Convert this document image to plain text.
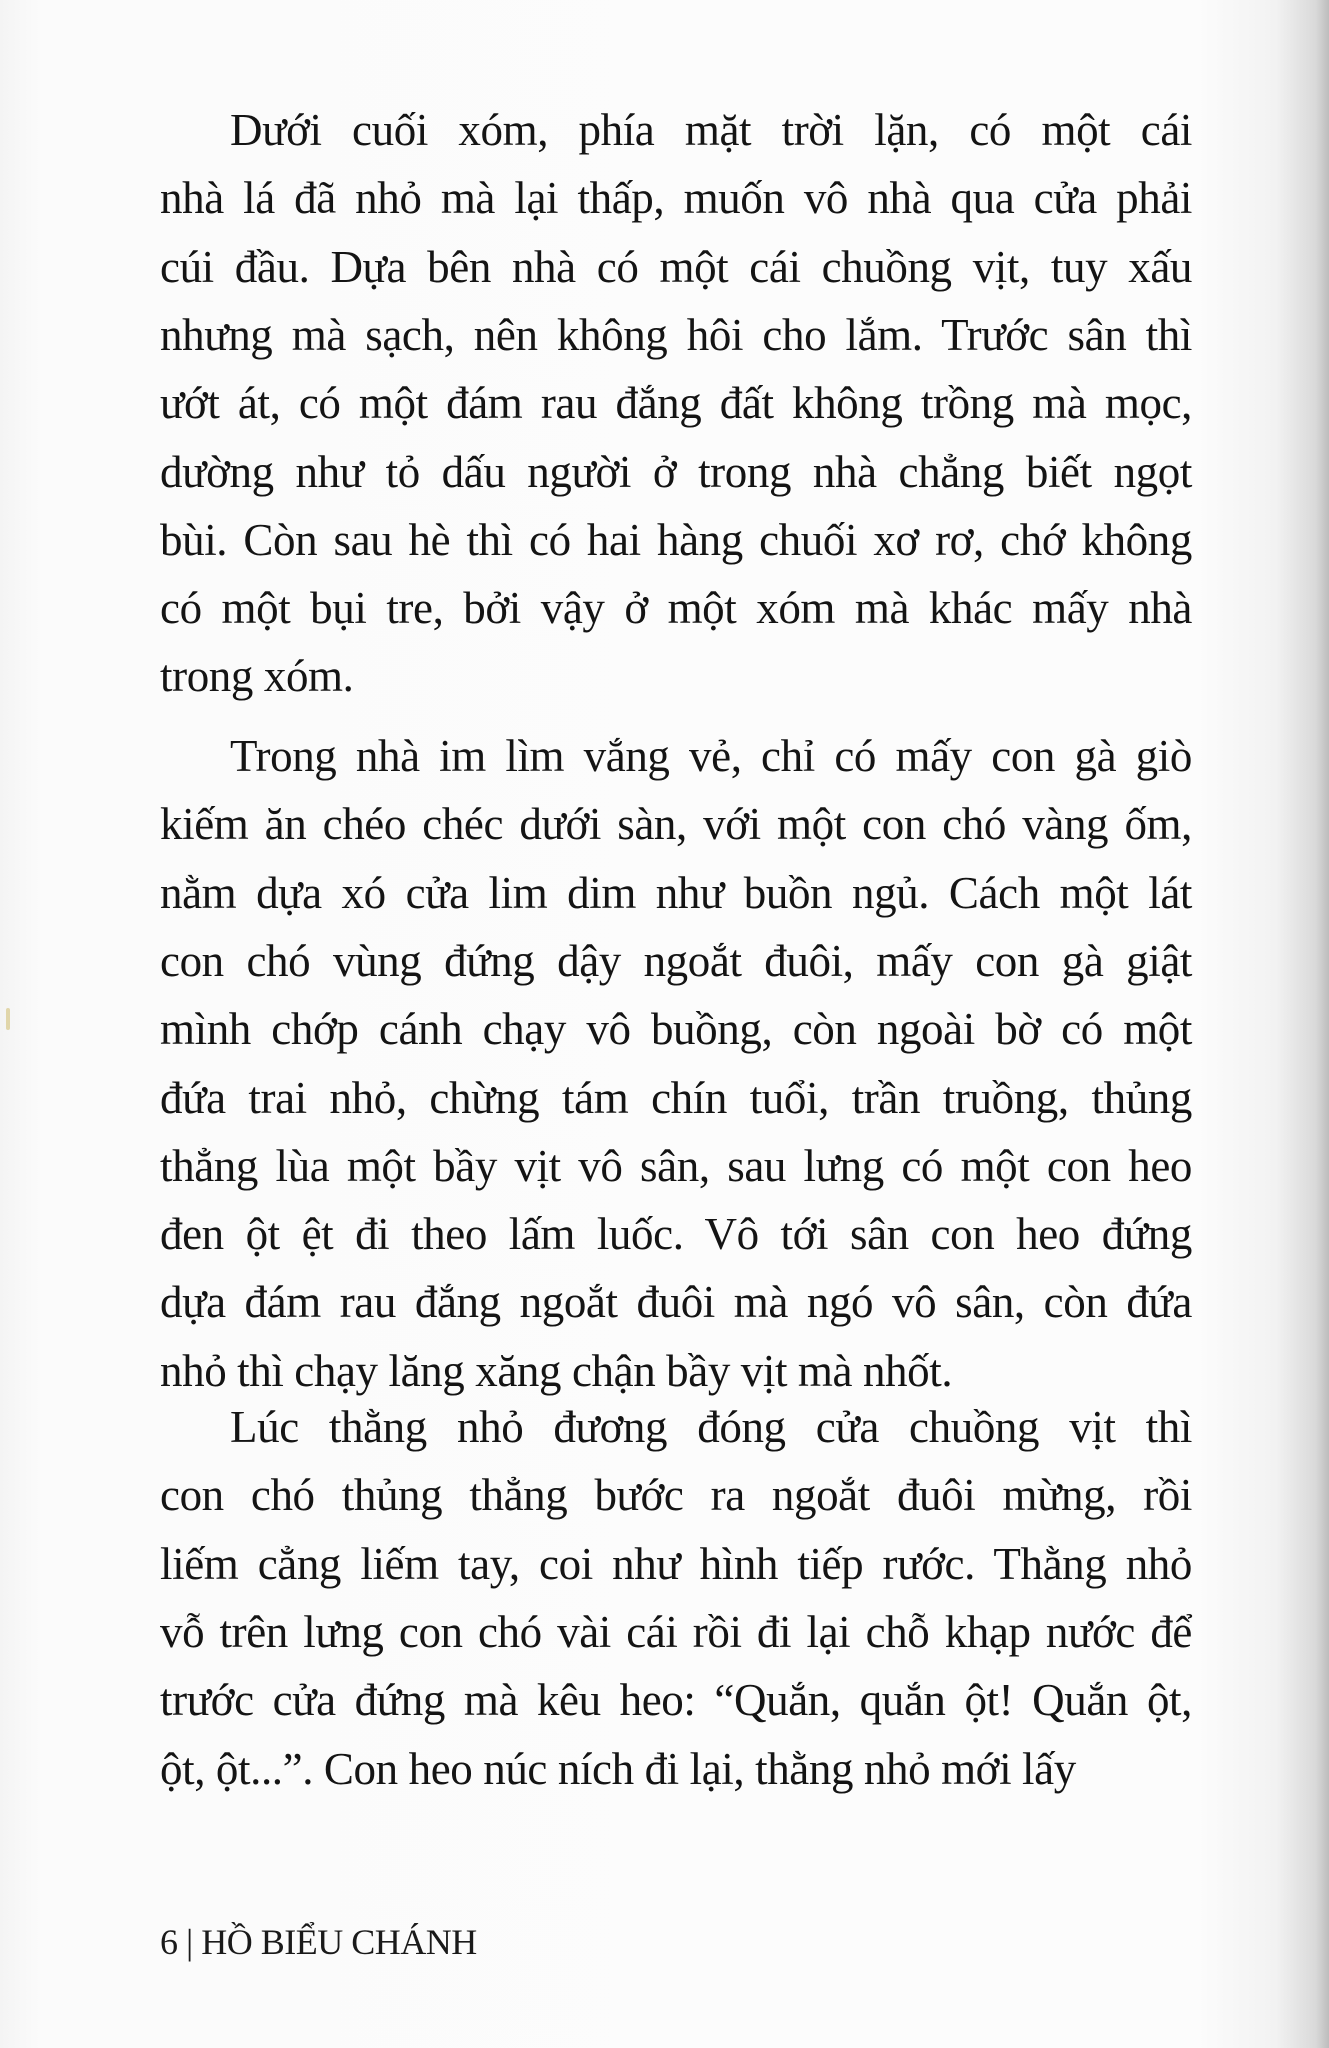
Dưới cuối xóm, phía mặt trời lặn, có một cái
nhà lá đã nhỏ mà lại thấp, muốn vô nhà qua cửa phải
cúi đầu. Dựa bên nhà có một cái chuồng vịt, tuy xấu
nhưng mà sạch, nên không hôi cho lắm. Trước sân thì
ướt át, có một đám rau đắng đất không trồng mà mọc,
dường như tỏ dấu người ở trong nhà chẳng biết ngọt
bùi. Còn sau hè thì có hai hàng chuối xơ rơ, chớ không
có một bụi tre, bởi vậy ở một xóm mà khác mấy nhà
trong xóm.
Trong nhà im lìm vắng vẻ, chỉ có mấy con gà giò
kiếm ăn chéo chéc dưới sàn, với một con chó vàng ốm,
nằm dựa xó cửa lim dim như buồn ngủ. Cách một lát
con chó vùng đứng dậy ngoắt đuôi, mấy con gà giật
mình chớp cánh chạy vô buồng, còn ngoài bờ có một
đứa trai nhỏ, chừng tám chín tuổi, trần truồng, thủng
thẳng lùa một bầy vịt vô sân, sau lưng có một con heo
đen ột ệt đi theo lấm luốc. Vô tới sân con heo đứng
dựa đám rau đắng ngoắt đuôi mà ngó vô sân, còn đứa
nhỏ thì chạy lăng xăng chận bầy vịt mà nhốt.
Lúc thằng nhỏ đương đóng cửa chuồng vịt thì
con chó thủng thẳng bước ra ngoắt đuôi mừng, rồi
liếm cẳng liếm tay, coi như hình tiếp rước. Thằng nhỏ
vỗ trên lưng con chó vài cái rồi đi lại chỗ khạp nước để
trước cửa đứng mà kêu heo: “Quắn, quắn ột! Quắn ột,
ột, ột...”. Con heo núc ních đi lại, thằng nhỏ mới lấy
6 | HỒ BIỂU CHÁNH
